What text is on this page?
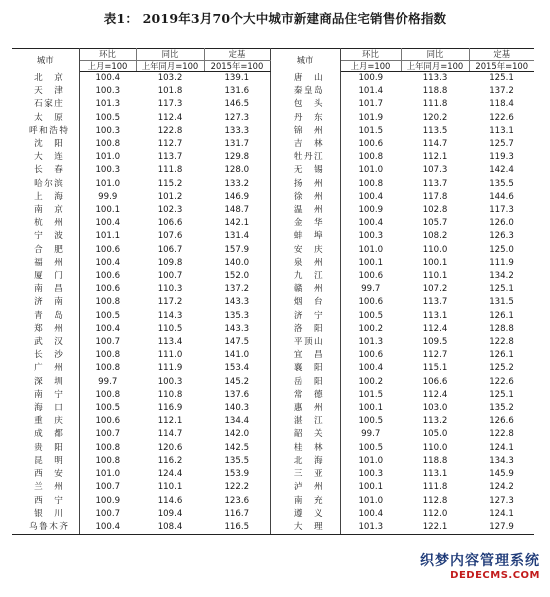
表1： 2019年3月70个大中城市新建商品住宅销售价格指数
城市	环比	同比	定基	城市	环比	同比	定基
	上月=100	上年同月=100	2015年=100		上月=100	上年同月=100	2015年=100
北　京	100.4	103.2	139.1	唐　山	100.9	113.3	125.1
天　津	100.3	101.8	131.6	秦皇岛	101.4	118.8	137.2
石家庄	101.3	117.3	146.5	包　头	101.7	111.8	118.4
太　原	100.5	112.4	127.3	丹　东	101.9	120.2	122.6
呼和浩特	100.3	122.8	133.3	锦　州	101.5	113.5	113.1
沈　阳	100.8	112.7	131.7	吉　林	100.6	114.7	125.7
大　连	101.0	113.7	129.8	牡丹江	100.8	112.1	119.3
长　春	100.3	111.8	128.0	无　锡	101.0	107.3	142.4
哈尔滨	101.0	115.2	133.2	扬　州	100.8	113.7	135.5
上　海	99.9	101.2	146.9	徐　州	100.4	117.8	144.6
南　京	100.1	102.3	148.7	温　州	100.9	102.8	117.3
杭　州	100.4	106.6	142.1	金　华	100.4	105.7	126.0
宁　波	101.1	107.6	131.4	蚌　埠	100.3	108.2	126.3
合　肥	100.6	106.7	157.9	安　庆	101.0	110.0	125.0
福　州	100.4	109.8	140.0	泉　州	100.1	100.1	111.9
厦　门	100.6	100.7	152.0	九　江	100.6	110.1	134.2
南　昌	100.6	110.3	137.2	赣　州	99.7	107.2	125.1
济　南	100.8	117.2	143.3	烟　台	100.6	113.7	131.5
青　岛	100.5	114.3	135.3	济　宁	100.5	113.1	126.1
郑　州	100.4	110.5	143.3	洛　阳	100.2	112.4	128.8
武　汉	100.7	113.4	147.5	平顶山	101.3	109.5	122.8
长　沙	100.8	111.0	141.0	宜　昌	100.6	112.7	126.1
广　州	100.8	111.9	153.4	襄　阳	100.4	115.1	125.2
深　圳	99.7	100.3	145.2	岳　阳	100.2	106.6	122.6
南　宁	100.8	110.8	137.6	常　德	101.5	112.4	125.1
海　口	100.5	116.9	140.3	惠　州	100.1	103.0	135.2
重　庆	100.6	112.1	134.4	湛　江	100.5	113.2	126.6
成　都	100.7	114.7	142.0	韶　关	99.7	105.0	122.8
贵　阳	100.8	120.6	142.5	桂　林	100.5	110.0	124.1
昆　明	100.8	116.2	135.5	北　海	101.0	118.8	134.3
西　安	101.0	124.4	153.9	三　亚	100.3	113.1	145.9
兰　州	100.7	110.1	122.2	泸　州	100.1	111.8	124.2
西　宁	100.9	114.6	123.6	南　充	101.0	112.8	127.3
银　川	100.7	109.4	116.7	遵　义	100.4	112.0	124.1
乌鲁木齐	100.4	108.4	116.5	大　理	101.3	122.1	127.9
织梦内容管理系统
DEDECMS.COM
